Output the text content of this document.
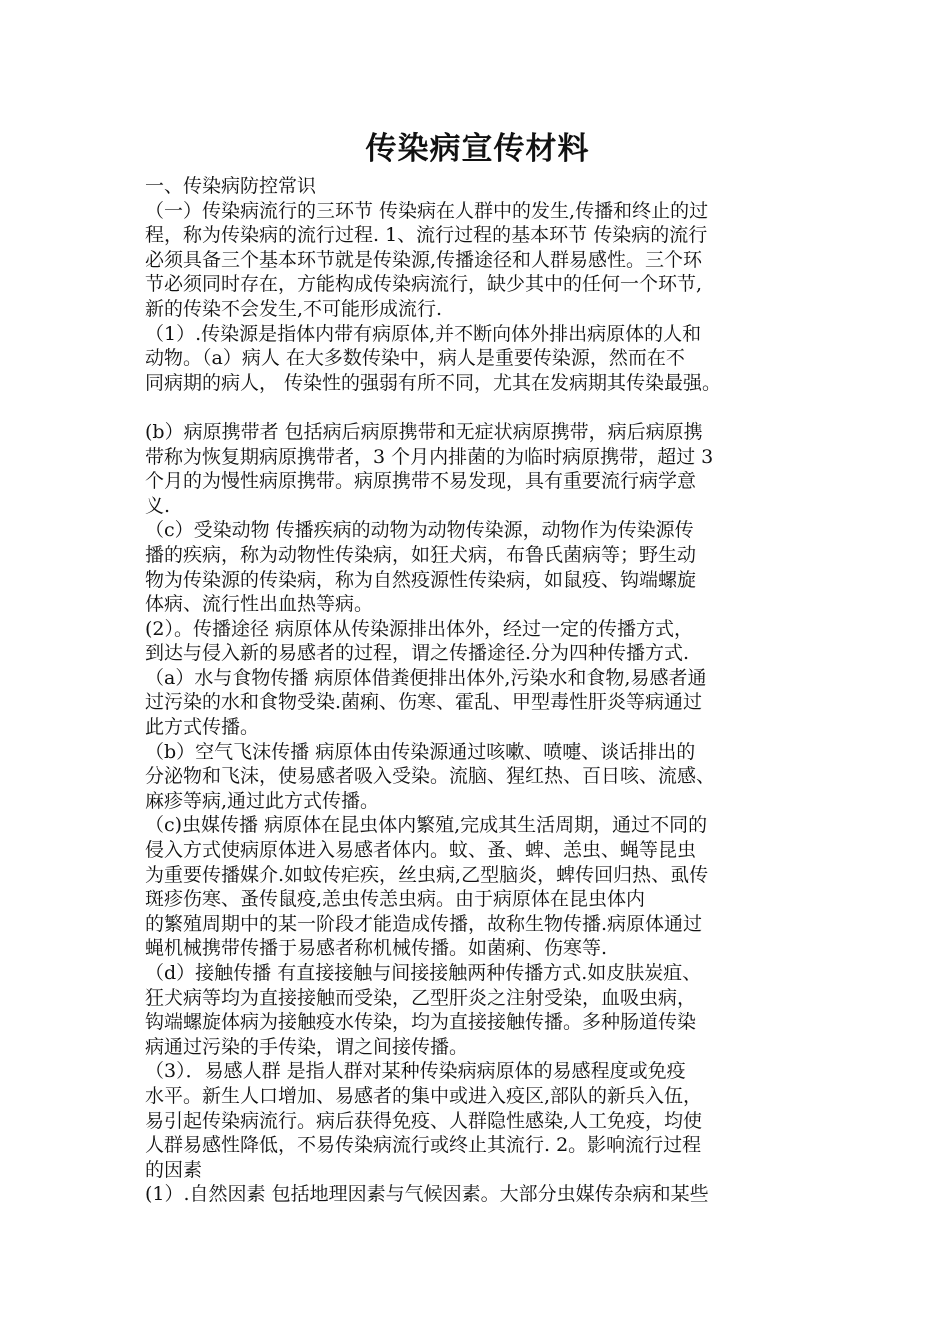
传染病宣传材料
一、传染病防控常识
（一）传染病流行的三环节 传染病在人群中的发生,传播和终止的过
程，称为传染病的流行过程. 1、流行过程的基本环节 传染病的流行
必须具备三个基本环节就是传染源,传播途径和人群易感性。三个环
节必须同时存在，方能构成传染病流行，缺少其中的任何一个环节,
新的传染不会发生,不可能形成流行.
（1）.传染源是指体内带有病原体,并不断向体外排出病原体的人和
动物。（a）病人 在大多数传染中，病人是重要传染源，然而在不
同病期的病人， 传染性的强弱有所不同，尤其在发病期其传染最强。
(b）病原携带者 包括病后病原携带和无症状病原携带，病后病原携
带称为恢复期病原携带者，3 个月内排菌的为临时病原携带，超过 3
个月的为慢性病原携带。病原携带不易发现，具有重要流行病学意
义.
（c）受染动物 传播疾病的动物为动物传染源，动物作为传染源传
播的疾病，称为动物性传染病，如狂犬病，布鲁氏菌病等；野生动
物为传染源的传染病，称为自然疫源性传染病，如鼠疫、钩端螺旋
体病、流行性出血热等病。
(2）。传播途径 病原体从传染源排出体外，经过一定的传播方式，
到达与侵入新的易感者的过程，谓之传播途径.分为四种传播方式.
（a）水与食物传播 病原体借粪便排出体外,污染水和食物,易感者通
过污染的水和食物受染.菌痢、伤寒、霍乱、甲型毒性肝炎等病通过
此方式传播。
（b）空气飞沫传播 病原体由传染源通过咳嗽、喷嚏、谈话排出的
分泌物和飞沫，使易感者吸入受染。流脑、猩红热、百日咳、流感、
麻疹等病,通过此方式传播。
（c)虫媒传播 病原体在昆虫体内繁殖,完成其生活周期，通过不同的
侵入方式使病原体进入易感者体内。蚊、蚤、蜱、恙虫、蝇等昆虫
为重要传播媒介.如蚊传疟疾，丝虫病,乙型脑炎，蜱传回归热、虱传
斑疹伤寒、蚤传鼠疫,恙虫传恙虫病。由于病原体在昆虫体内
的繁殖周期中的某一阶段才能造成传播，故称生物传播.病原体通过
蝇机械携带传播于易感者称机械传播。如菌痢、伤寒等.
（d）接触传播 有直接接触与间接接触两种传播方式.如皮肤炭疽、
狂犬病等均为直接接触而受染，乙型肝炎之注射受染，血吸虫病，
钩端螺旋体病为接触疫水传染，均为直接接触传播。多种肠道传染
病通过污染的手传染，谓之间接传播。
（3）．易感人群 是指人群对某种传染病病原体的易感程度或免疫
水平。新生人口增加、易感者的集中或进入疫区,部队的新兵入伍，
易引起传染病流行。病后获得免疫、人群隐性感染,人工免疫，均使
人群易感性降低，不易传染病流行或终止其流行. 2。影响流行过程
的因素
(1）.自然因素 包括地理因素与气候因素。大部分虫媒传杂病和某些
